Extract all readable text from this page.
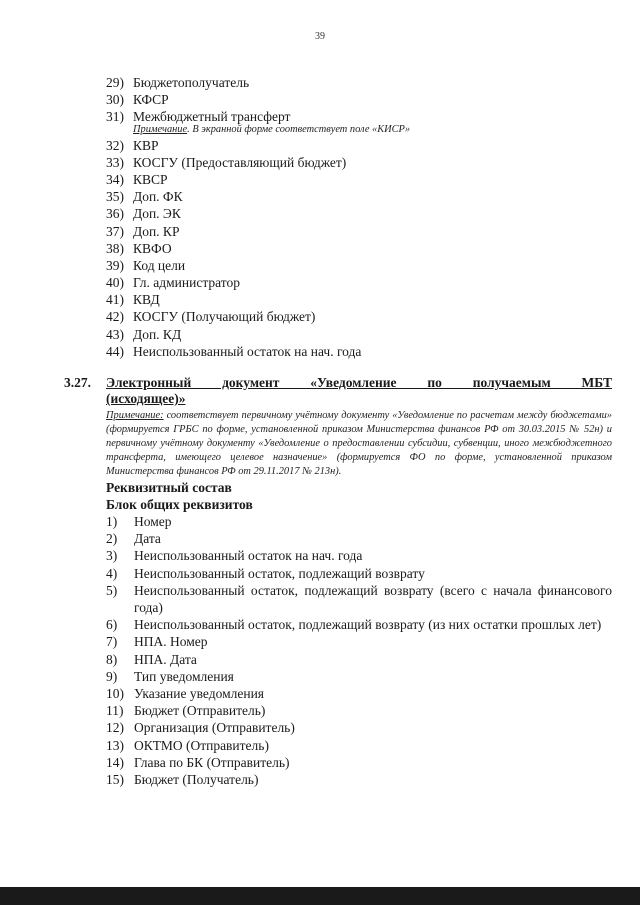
39
29) Бюджетополучатель
30) КФСР
31) Межбюджетный трансферт
Примечание. В экранной форме соответствует поле «КИСР»
32) КВР
33) КОСГУ (Предоставляющий бюджет)
34) КВСР
35) Доп. ФК
36) Доп. ЭК
37) Доп. КР
38) КВФО
39) Код цели
40) Гл. администратор
41) КВД
42) КОСГУ (Получающий бюджет)
43) Доп. КД
44) Неиспользованный остаток на нач. года
3.27.	Электронный документ «Уведомление по получаемым МБТ
(исходящее)»
Примечание: соответствует первичному учётному документу «Уведомление по расчетам между бюджетами» (формируется ГРБС по форме, установленной приказом Министерства финансов РФ от 30.03.2015 № 52н) и первичному учётному документу «Уведомление о предоставлении субсидии, субвенции, иного межбюджетного трансферта, имеющего целевое назначение» (формируется ФО по форме, установленной приказом Министерства финансов РФ от 29.11.2017 № 213н).
Реквизитный состав
Блок общих реквизитов
1)	Номер
2)	Дата
3)	Неиспользованный остаток на нач. года
4)	Неиспользованный остаток, подлежащий возврату
5)	Неиспользованный остаток, подлежащий возврату (всего с начала финансового года)
6)	Неиспользованный остаток, подлежащий возврату (из них остатки прошлых лет)
7)	НПА. Номер
8)	НПА. Дата
9)	Тип уведомления
10) Указание уведомления
11) Бюджет (Отправитель)
12) Организация (Отправитель)
13) ОКТМО (Отправитель)
14) Глава по БК (Отправитель)
15) Бюджет (Получатель)
